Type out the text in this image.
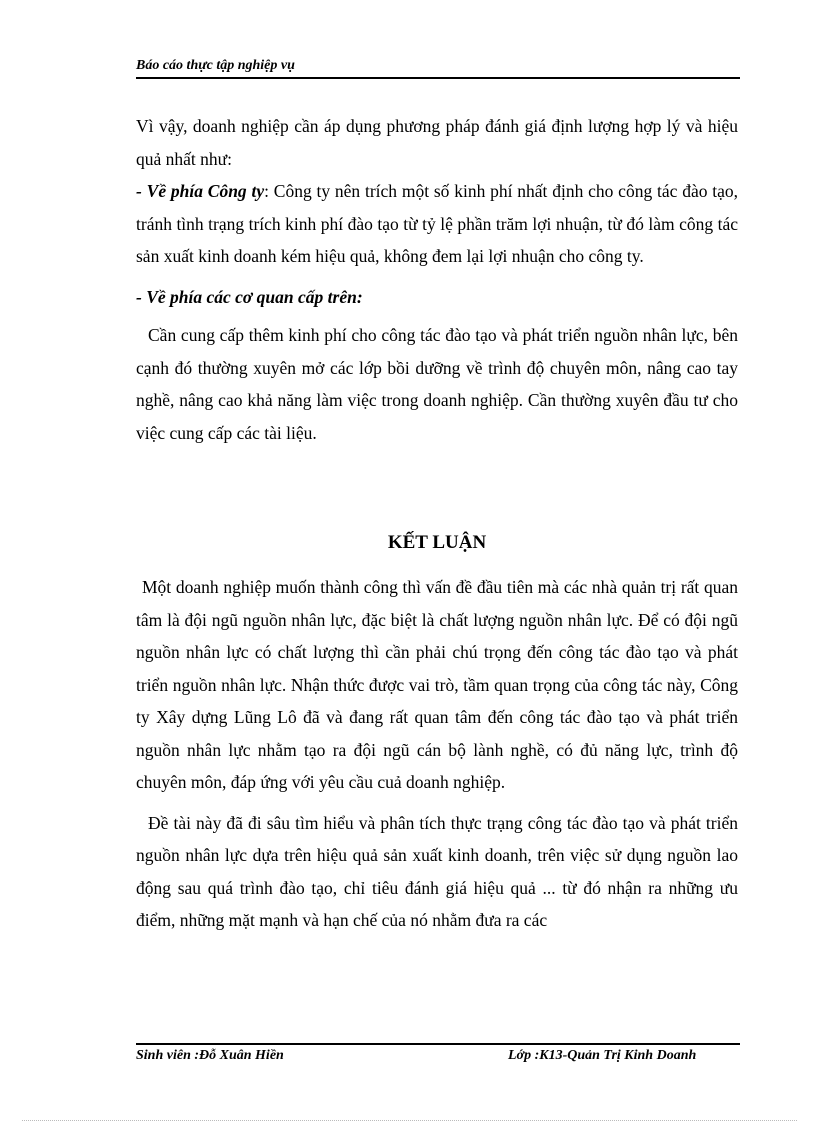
Báo cáo thực tập nghiệp vụ

Vì vậy, doanh nghiệp cần áp dụng phương pháp đánh giá định lượng hợp lý và hiệu quả nhất như:

- Về phía Công ty: Công ty nên trích một số kinh phí nhất định cho công tác đào tạo, tránh tình trạng trích kinh phí đào tạo từ tỷ lệ phần trăm lợi nhuận, từ đó làm công tác sản xuất kinh doanh kém hiệu quả, không đem lại lợi nhuận cho công ty.

- Về phía các cơ quan cấp trên:

Cần cung cấp thêm kinh phí cho công tác đào tạo và phát triển nguồn nhân lực, bên cạnh đó thường xuyên mở các lớp bồi dưỡng về trình độ chuyên môn, nâng cao tay nghề, nâng cao khả năng làm việc trong doanh nghiệp. Cần thường xuyên đầu tư cho việc cung cấp các tài liệu.

KẾT LUẬN

Một doanh nghiệp muốn thành công thì vấn đề đầu tiên mà các nhà quản trị rất quan tâm là đội ngũ nguồn nhân lực, đặc biệt là chất lượng nguồn nhân lực. Để có đội ngũ nguồn nhân lực có chất lượng thì cần phải chú trọng đến công tác đào tạo và phát triển nguồn nhân lực. Nhận thức được vai trò, tầm quan trọng của công tác này, Công ty Xây dựng Lũng Lô đã và đang rất quan tâm đến công tác đào tạo và phát triển nguồn nhân lực nhằm tạo ra đội ngũ cán bộ lành nghề, có đủ năng lực, trình độ chuyên môn, đáp ứng với yêu cầu cuả doanh nghiệp.

Đề tài này đã đi sâu tìm hiểu và phân tích thực trạng công tác đào tạo và phát triển nguồn nhân lực dựa trên hiệu quả sản xuất kinh doanh, trên việc sử dụng nguồn lao động sau quá trình đào tạo, chỉ tiêu đánh giá hiệu quả ... từ đó nhận ra những ưu điểm, những mặt mạnh và hạn chế của nó nhằm đưa ra các

Sinh viên :Đỗ Xuân Hiền	Lớp :K13-Quản Trị Kinh Doanh
